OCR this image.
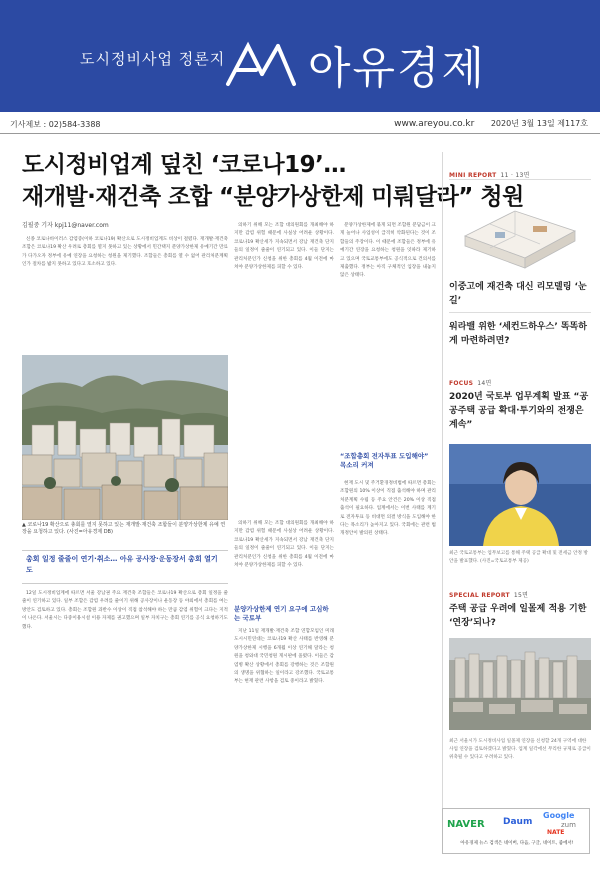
도시정비사업 정론지 아유경제
기사제보 : 02)584-3388	www.areyou.co.kr 2020년 3월 13일 제117호
도시정비업계 덮친 ‘코로나19’…
재개발·재건축 조합 “분양가상한제 미뤄달라” 청원
김필중 기자 kpj11@naver.com

신종 코로나바이러스 감염증(이하 코로나19) 확산으로 도시정비업계도 비상이 걸렸다. 재개발·재건축 조합은 코로나19 확산 우려로 총회를 열지 못하고 있는 상황에서 민간택지 분양가상한제 유예기간 만료가 다가오자 정부에 유예 연장을 요청하는 청원을 제기했다. 조합들은 총회를 열 수 없어 관리처분계획 인가 절차를 밟지 못하고 있다고 호소하고 있다.

의하기 위해 모는 조합 대의원회를 개최해야 하지만 감염 위험 때문에 사실상 어려운 상황이다. 코로나19 확산세가 지속되면서 강남 재건축 단지들의 일정이 줄줄이 연기되고 있다. 이들 단지는 관리처분인가 신청을 위한 총회를 4월 이전에 마쳐야 분양가상한제를 피할 수 있다.

분양가상한제에 묶게 되면 조합원 분담금이 크게 늘어나 사업성이 급격히 악화된다는 것이 조합들의 주장이다. 이 때문에 조합들은 정부에 유예기간 연장을 요청하는 청원을 잇따라 제기하고 있으며 국토교통부에도 공식적으로 건의서를 제출했다. 정부는 아직 구체적인 입장을 내놓지 않은 상태다.

▲ 코로나19 확산으로 총회를 열지 못하고 있는 재개발·재건축 조합들이 분양가상한제 유예 연장을 요청하고 있다. (사진=아유경제 DB)
총회 일정 줄줄이 연기·취소… 아유 공사장·운동장서 총회 열기도

12일 도시정비업계에 따르면 서울 강남권 주요 재건축 조합들은 코로나19 확산으로 총회 일정을 줄줄이 연기하고 있다. 일부 조합은 감염 우려를 줄이기 위해 공사장이나 운동장 등 야외에서 총회를 여는 방안도 검토하고 있다. 총회는 조합원 과반수 이상이 직접 참석해야 하는 만큼 감염 위험이 크다는 지적이 나온다. 서울시는 다중이용시설 이용 자제를 권고했으며 일부 자치구는 총회 연기를 공식 요청하기도 했다.

의하기 위해 모는 조합 대의원회를 개최해야 하지만 감염 위험 때문에 사실상 어려운 상황이다. 코로나19 확산세가 지속되면서 강남 재건축 단지들의 일정이 줄줄이 연기되고 있다. 이들 단지는 관리처분인가 신청을 위한 총회를 4월 이전에 마쳐야 분양가상한제를 피할 수 있다.

분양가상한제 연기 요구에 고심하는 국토부

지난 11일 재개발·재건축 조합 연합모임인 미래도시시민연대는 코로나19 확산 사태를 반영해 분양가상한제 시행을 6개월 이상 연기해 달라는 청원을 청와대 국민청원 게시판에 올렸다. 이들은 감염병 확산 상황에서 총회를 강행하는 것은 조합원의 생명을 위협하는 일이라고 강조했다. 국토교통부는 현재 관련 사항을 검토 중이라고 밝혔다.

“조합총회 전자투표 도입해야” 목소리 커져

현재 도시 및 주거환경정비법에 따르면 총회는 조합원의 10% 이상이 직접 출석해야 하며 관리처분계획 수립 등 주요 안건은 20% 이상 직접 출석이 필요하다. 업계에서는 이번 사태를 계기로 전자투표 등 비대면 의결 방식을 도입해야 한다는 목소리가 높아지고 있다. 국회에는 관련 법 개정안이 발의된 상태다.

MINI REPORT 11 · 13면
이중고에 재건축 대신 리모델링 ‘눈길’
워라밸 위한 ‘세컨드하우스’ 똑똑하게 마련하려면?
FOCUS 14면
2020년 국토부 업무계획 발표 “공공주택 공급 확대·투기와의 전쟁은 계속”
최근 국토교통부는 업무보고를 통해 주택 공급 확대 및 전세금 안정 방안을 발표했다. (사진=국토교통부 제공)
SPECIAL REPORT 15면
주택 공급 우려에 일몰제 적용 기한 ‘연장’되나?
최근 서울시가 도시정비사업 일몰제 연장을 신청할 24개 구역에 대한 사업 연장을 검토하겠다고 밝혔다. 업계 일각에선 무리한 규제로 공급이 위축될 수 있다고 우려하고 있다.
NAVER Daum
Google
zum
NATE
아유경제 뉴스 검색은 네이버, 다음, 구글, 네이트, 줌에서!
